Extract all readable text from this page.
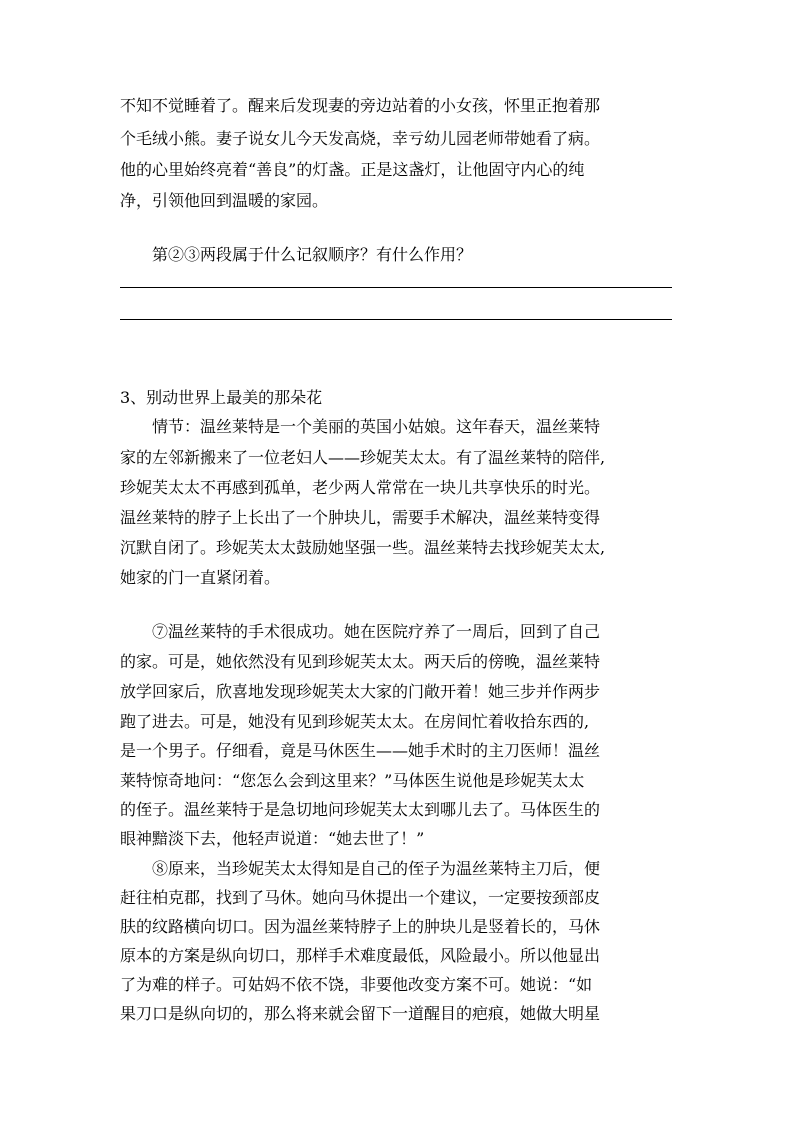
不知不觉睡着了。醒来后发现妻的旁边站着的小女孩，怀里正抱着那
个毛绒小熊。妻子说女儿今天发高烧，幸亏幼儿园老师带她看了病。
他的心里始终亮着“善良”的灯盏。正是这盏灯，让他固守内心的纯
净，引领他回到温暖的家园。
第②③两段属于什么记叙顺序？有什么作用？
3、别动世界上最美的那朵花
情节：温丝莱特是一个美丽的英国小姑娘。这年春天，温丝莱特
家的左邻新搬来了一位老妇人——珍妮芙太太。有了温丝莱特的陪伴,
珍妮芙太太不再感到孤单，老少两人常常在一块儿共享快乐的时光。
温丝莱特的脖子上长出了一个肿块儿，需要手术解决，温丝莱特变得
沉默自闭了。珍妮芙太太鼓励她坚强一些。温丝莱特去找珍妮芙太太,
她家的门一直紧闭着。
⑦温丝莱特的手术很成功。她在医院疗养了一周后，回到了自己
的家。可是，她依然没有见到珍妮芙太太。两天后的傍晚，温丝莱特
放学回家后，欣喜地发现珍妮芙太大家的门敞开着！她三步并作两步
跑了进去。可是，她没有见到珍妮芙太太。在房间忙着收拾东西的,
是一个男子。仔细看，竟是马休医生——她手术时的主刀医师！温丝
莱特惊奇地问：“您怎么会到这里来？”马体医生说他是珍妮芙太太
的侄子。温丝莱特于是急切地问珍妮芙太太到哪儿去了。马体医生的
眼神黯淡下去，他轻声说道：“她去世了！”
⑧原来，当珍妮芙太太得知是自己的侄子为温丝莱特主刀后，便
赶往柏克郡，找到了马休。她向马休提出一个建议，一定要按颈部皮
肤的纹路横向切口。因为温丝莱特脖子上的肿块儿是竖着长的，马休
原本的方案是纵向切口，那样手术难度最低，风险最小。所以他显出
了为难的样子。可姑妈不依不饶，非要他改变方案不可。她说：“如
果刀口是纵向切的，那么将来就会留下一道醒目的疤痕，她做大明星
